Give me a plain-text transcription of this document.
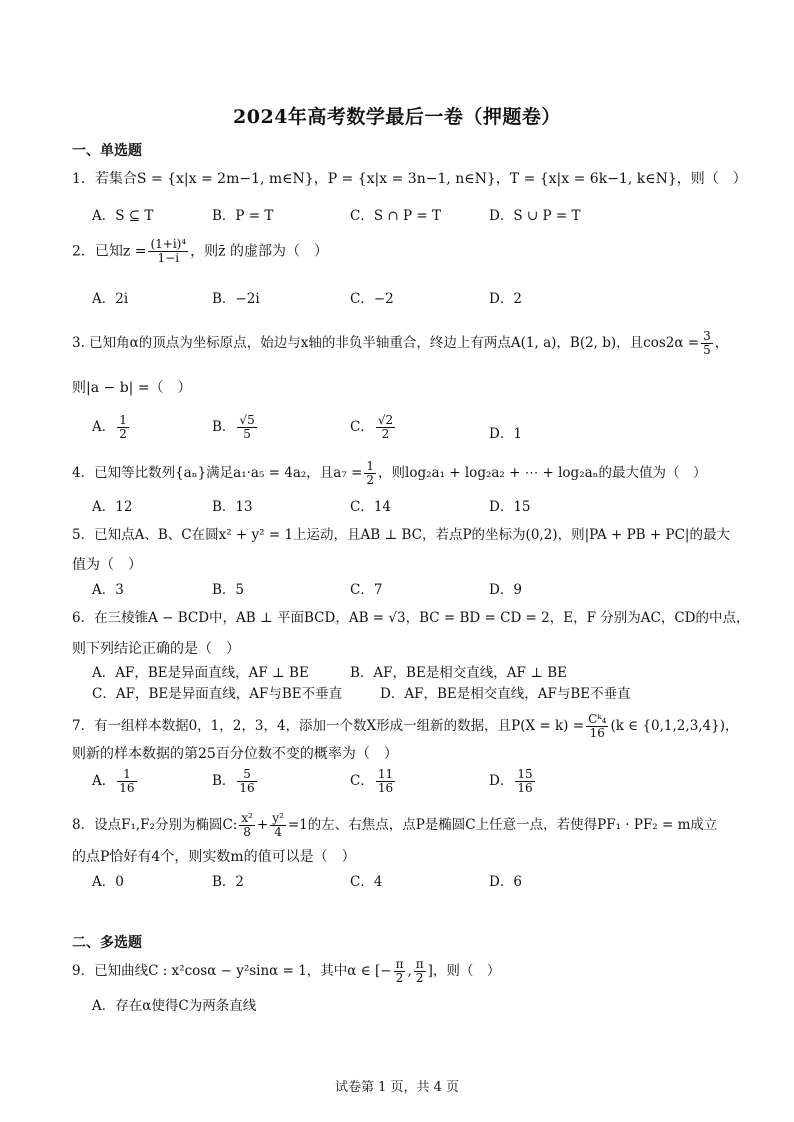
2024年高考数学最后一卷（押题卷）
一、单选题
1．若集合S = {x|x = 2m−1, m∈N}，P = {x|x = 3n−1, n∈N}，T = {x|x = 6k−1, k∈N}，则（　）
A．S ⊆ T	B．P = T	C．S ∩ P = T	D．S ∪ P = T
2．已知$z = \frac{\text{(1+i)⁴}}{1-i}$ ，则z̄ 的虚部为（　）
A．2i	B．−2i	C．−2	D．2
3. 已知角α的顶点为坐标原点，始边与x轴的非负半轴重合，终边上有两点A(1, a)，B(2, b)，且$\cos 2\alpha = \frac{3}{5}$ ，
则|a − b| =（　）
A． $\frac{1}{2}$	B． $\frac{√5}{5}$	C． $\frac{√2}{2}$	D．1
4．已知等比数列{aₙ}满足a₁·a₅ = 4a₂，且$a_7 = \frac{1}{2}$ ，则log₂a₁ + log₂a₂ + ⋯ + log₂aₙ的最大值为（　）
A．12	B．13	C．14	D．15
5．已知点A、B、C在圆x² + y² = 1上运动，且AB ⊥ BC，若点P的坐标为(0,2)，则|PA + PB + PC|的最大
值为（　）
A．3	B．5	C．7	D．9
6．在三棱锥A − BCD中，AB ⊥ 平面BCD，AB = √3，BC = BD = CD = 2，E，F 分别为AC，CD的中点，
则下列结论正确的是（　）
A．AF，BE是异面直线，AF ⊥ BE	B．AF，BE是相交直线，AF ⊥ BE
C．AF，BE是异面直线，AF与BE不垂直	D．AF，BE是相交直线，AF与BE不垂直
7．有一组样本数据0，1，2，3，4，添加一个数X形成一组新的数据，且$P(X = k) = \frac{\text{Cᵏ₄}}{16} (k$ ∈ {0,1,2,3,4})，
则新的样本数据的第25百分位数不变的概率为（　）
A． $\frac{1}{16}$	B． $\frac{5}{16}$	C． $\frac{11}{16}$	D． $\frac{15}{16}$
8．设点F₁,F₂分别为椭圆C: $\frac{\text{x²}}{8} + \frac{\text{y²}}{4} =1$的左、右焦点，点P是椭圆C上任意一点，若使得PF₁ · PF₂ = m成立
的点P恰好有4个，则实数m的值可以是（　）
A．0	B．2	C．4	D．6
二、多选题
9．已知曲线C : x²cosα − y²sinα = 1，其中α ∈ [− $\frac{\pi}{2}$ , $\frac{\pi}{2}$ ]，则（　）
A．存在α使得C为两条直线
试卷第 1 页，共 4 页
